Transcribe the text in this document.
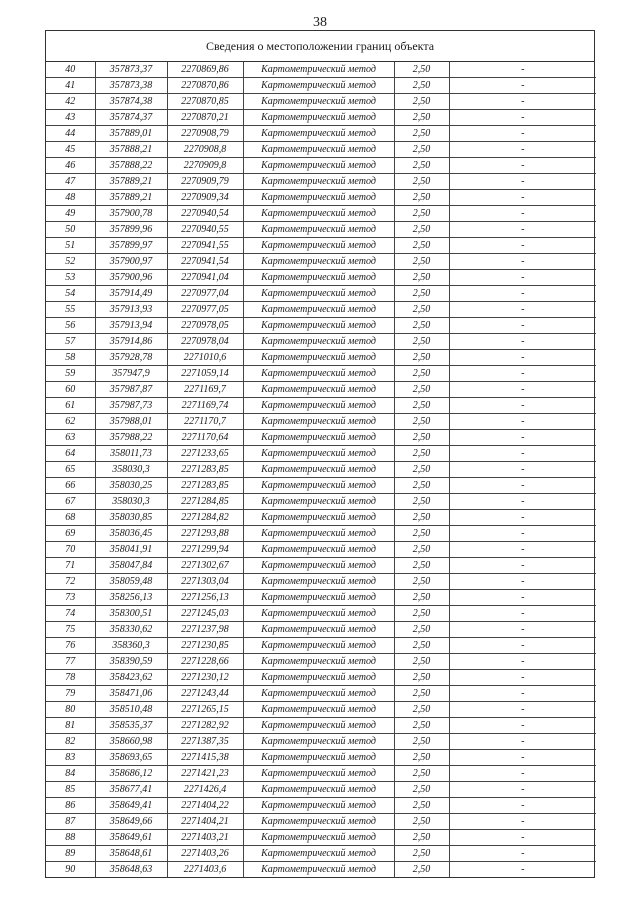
38
Сведения о местоположении границ объекта
40	357873,37	2270869,86	Картометрический метод	2,50	-
41	357873,38	2270870,86	Картометрический метод	2,50	-
42	357874,38	2270870,85	Картометрический метод	2,50	-
43	357874,37	2270870,21	Картометрический метод	2,50	-
44	357889,01	2270908,79	Картометрический метод	2,50	-
45	357888,21	2270908,8	Картометрический метод	2,50	-
46	357888,22	2270909,8	Картометрический метод	2,50	-
47	357889,21	2270909,79	Картометрический метод	2,50	-
48	357889,21	2270909,34	Картометрический метод	2,50	-
49	357900,78	2270940,54	Картометрический метод	2,50	-
50	357899,96	2270940,55	Картометрический метод	2,50	-
51	357899,97	2270941,55	Картометрический метод	2,50	-
52	357900,97	2270941,54	Картометрический метод	2,50	-
53	357900,96	2270941,04	Картометрический метод	2,50	-
54	357914,49	2270977,04	Картометрический метод	2,50	-
55	357913,93	2270977,05	Картометрический метод	2,50	-
56	357913,94	2270978,05	Картометрический метод	2,50	-
57	357914,86	2270978,04	Картометрический метод	2,50	-
58	357928,78	2271010,6	Картометрический метод	2,50	-
59	357947,9	2271059,14	Картометрический метод	2,50	-
60	357987,87	2271169,7	Картометрический метод	2,50	-
61	357987,73	2271169,74	Картометрический метод	2,50	-
62	357988,01	2271170,7	Картометрический метод	2,50	-
63	357988,22	2271170,64	Картометрический метод	2,50	-
64	358011,73	2271233,65	Картометрический метод	2,50	-
65	358030,3	2271283,85	Картометрический метод	2,50	-
66	358030,25	2271283,85	Картометрический метод	2,50	-
67	358030,3	2271284,85	Картометрический метод	2,50	-
68	358030,85	2271284,82	Картометрический метод	2,50	-
69	358036,45	2271293,88	Картометрический метод	2,50	-
70	358041,91	2271299,94	Картометрический метод	2,50	-
71	358047,84	2271302,67	Картометрический метод	2,50	-
72	358059,48	2271303,04	Картометрический метод	2,50	-
73	358256,13	2271256,13	Картометрический метод	2,50	-
74	358300,51	2271245,03	Картометрический метод	2,50	-
75	358330,62	2271237,98	Картометрический метод	2,50	-
76	358360,3	2271230,85	Картометрический метод	2,50	-
77	358390,59	2271228,66	Картометрический метод	2,50	-
78	358423,62	2271230,12	Картометрический метод	2,50	-
79	358471,06	2271243,44	Картометрический метод	2,50	-
80	358510,48	2271265,15	Картометрический метод	2,50	-
81	358535,37	2271282,92	Картометрический метод	2,50	-
82	358660,98	2271387,35	Картометрический метод	2,50	-
83	358693,65	2271415,38	Картометрический метод	2,50	-
84	358686,12	2271421,23	Картометрический метод	2,50	-
85	358677,41	2271426,4	Картометрический метод	2,50	-
86	358649,41	2271404,22	Картометрический метод	2,50	-
87	358649,66	2271404,21	Картометрический метод	2,50	-
88	358649,61	2271403,21	Картометрический метод	2,50	-
89	358648,61	2271403,26	Картометрический метод	2,50	-
90	358648,63	2271403,6	Картометрический метод	2,50	-
